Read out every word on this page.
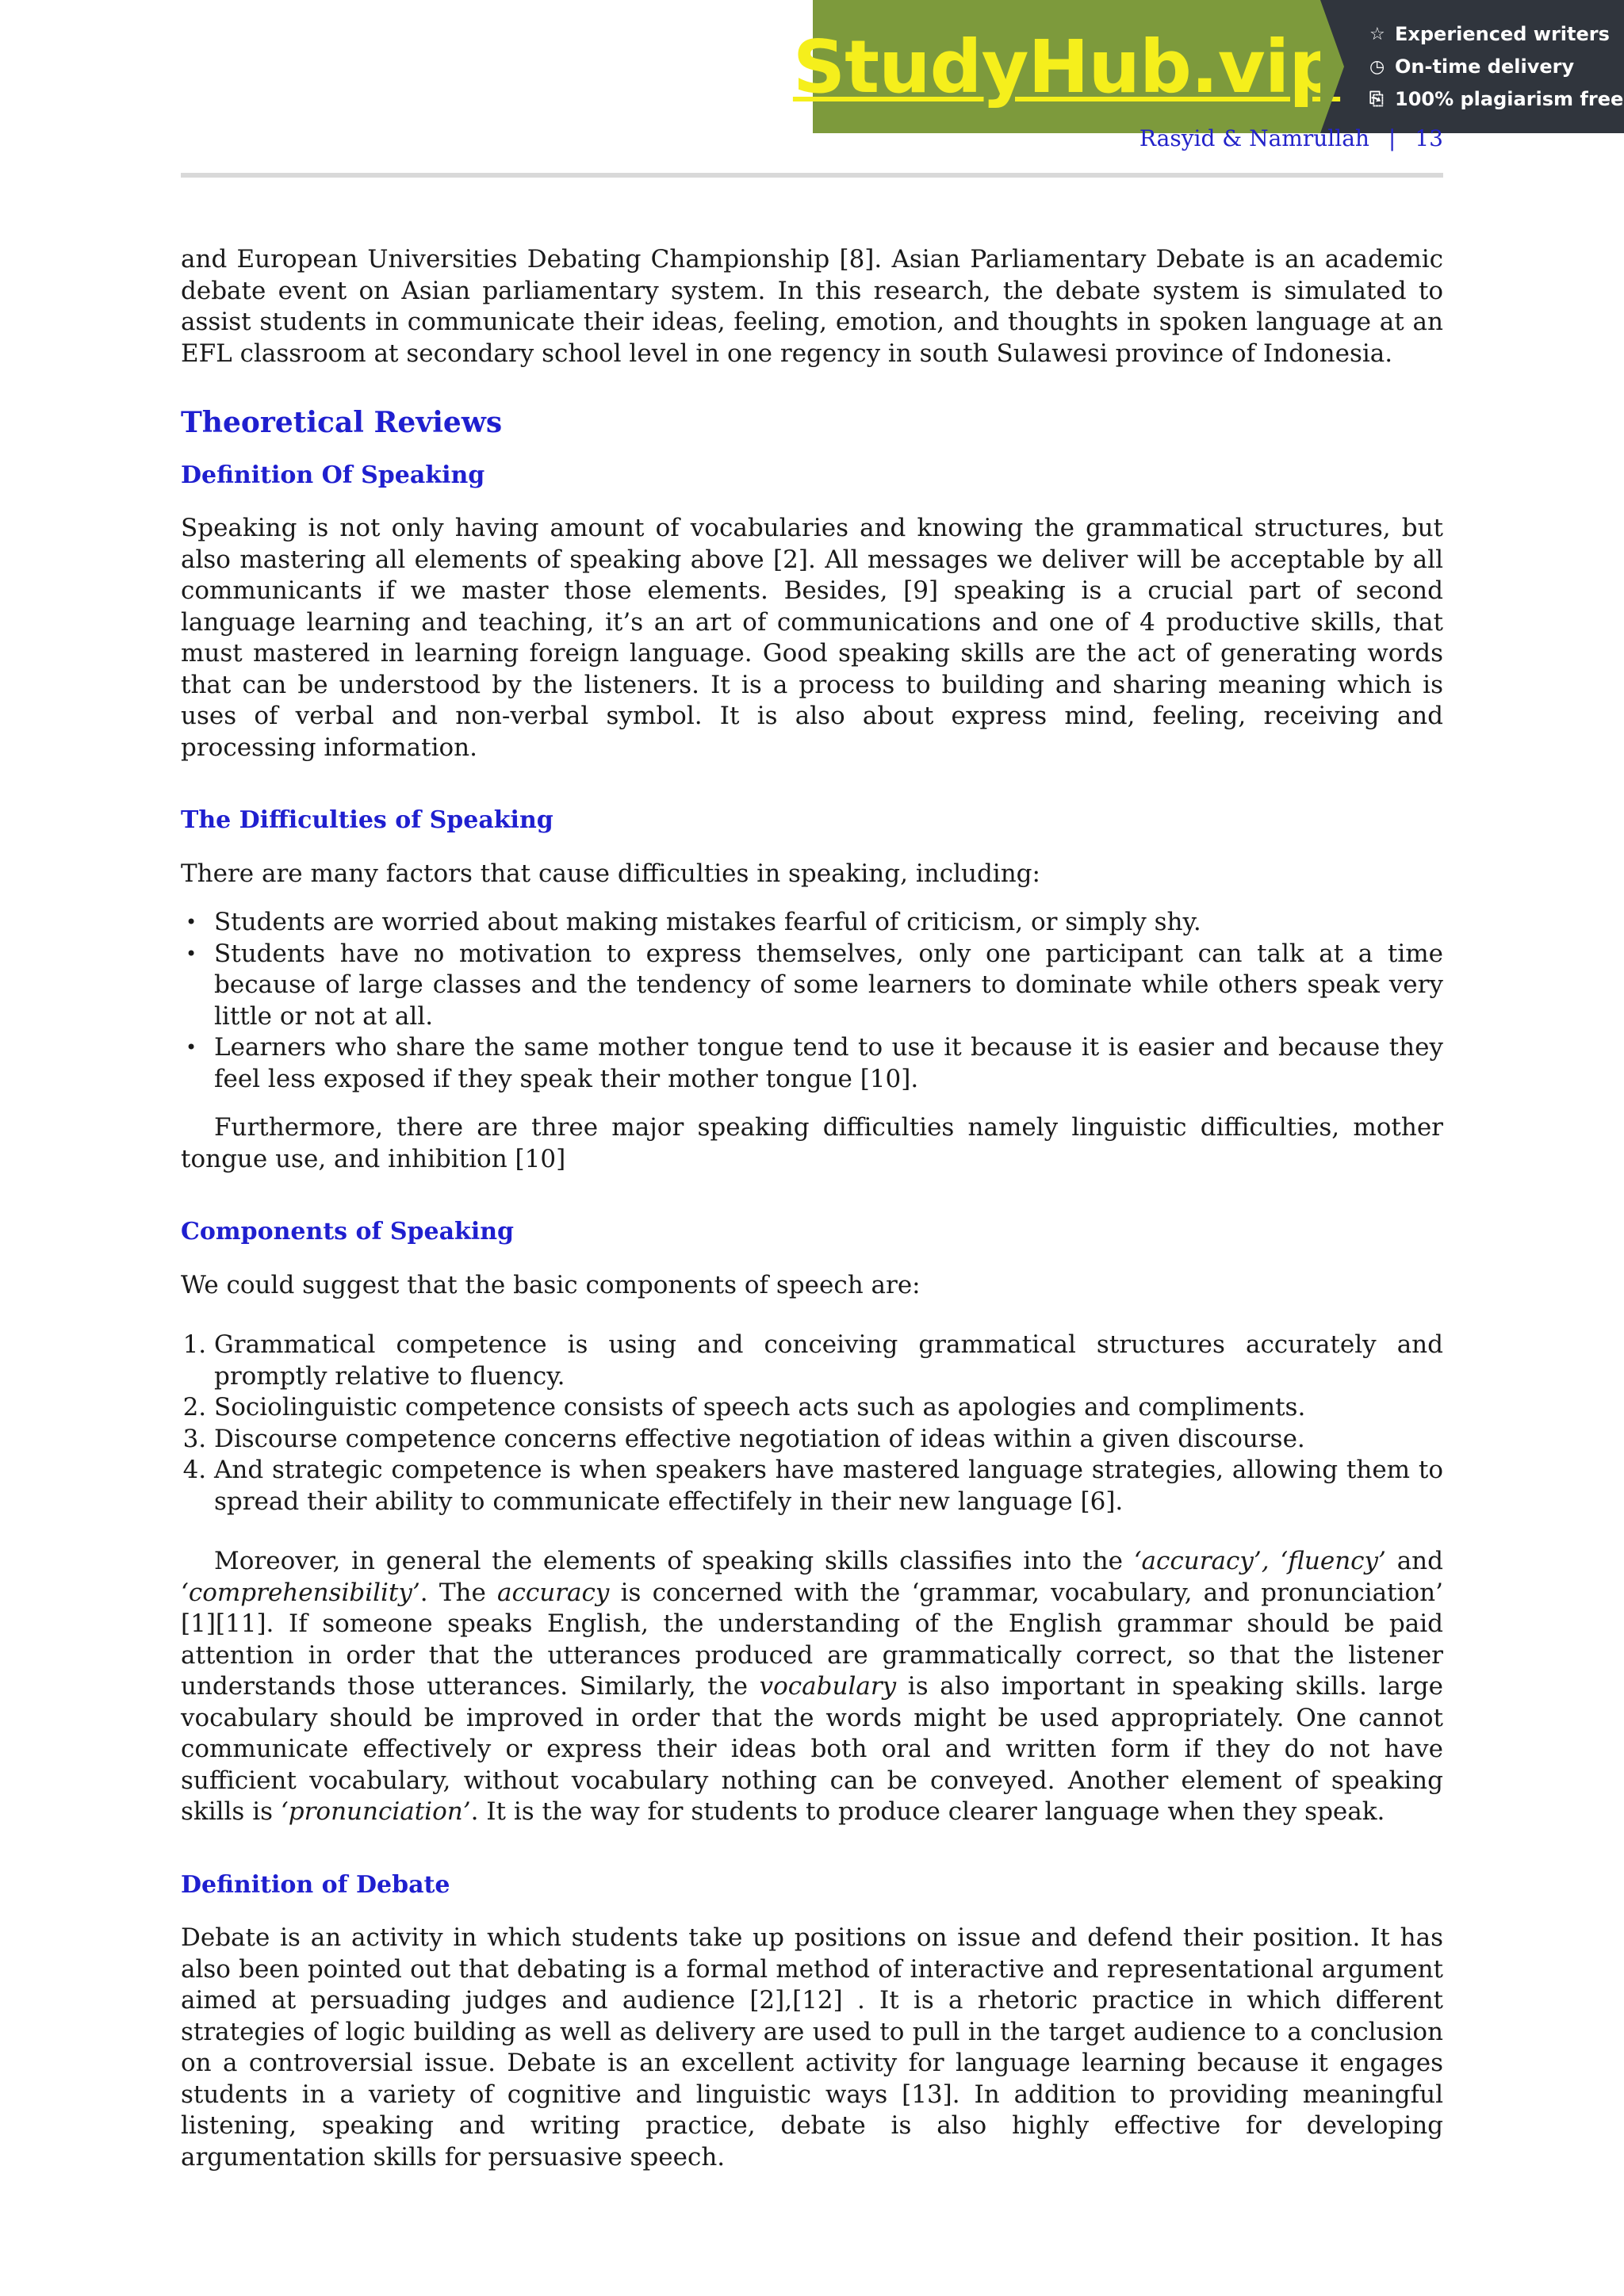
StudyHub.vip ☆ Experienced writers
◷ On-time delivery
⎘ 100% plagiarism free
Rasyid & Namrullah | 13

and European Universities Debating Championship [8]. Asian Parliamentary Debate is an academic debate event on Asian parliamentary system. In this research, the debate system is simulated to assist students in communicate their ideas, feeling, emotion, and thoughts in spoken language at an EFL classroom at secondary school level in one regency in south Sulawesi province of Indonesia.

Theoretical Reviews
Definition Of Speaking

Speaking is not only having amount of vocabularies and knowing the grammatical structures, but also mastering all elements of speaking above [2]. All messages we deliver will be acceptable by all communicants if we master those elements. Besides, [9] speaking is a crucial part of second language learning and teaching, it’s an art of communications and one of 4 productive skills, that must mastered in learning foreign language. Good speaking skills are the act of generating words that can be understood by the listeners. It is a process to building and sharing meaning which is uses of verbal and non-verbal symbol. It is also about express mind, feeling, receiving and processing information.

The Difficulties of Speaking

There are many factors that cause difficulties in speaking, including:

• Students are worried about making mistakes fearful of criticism, or simply shy.
• Students have no motivation to express themselves, only one participant can talk at a time because of large classes and the tendency of some learners to dominate while others speak very little or not at all.
• Learners who share the same mother tongue tend to use it because it is easier and because they feel less exposed if they speak their mother tongue [10].

Furthermore, there are three major speaking difficulties namely linguistic difficulties, mother tongue use, and inhibition [10]

Components of Speaking

We could suggest that the basic components of speech are:

1. Grammatical competence is using and conceiving grammatical structures accurately and promptly relative to fluency.
2. Sociolinguistic competence consists of speech acts such as apologies and compliments.
3. Discourse competence concerns effective negotiation of ideas within a given discourse.
4. And strategic competence is when speakers have mastered language strategies, allowing them to spread their ability to communicate effectifely in their new language [6].

Moreover, in general the elements of speaking skills classifies into the ‘accuracy’, ‘fluency’ and ‘comprehensibility’. The accuracy is concerned with the ‘grammar, vocabulary, and pronunciation’ [1][11]. If someone speaks English, the understanding of the English grammar should be paid attention in order that the utterances produced are grammatically correct, so that the listener understands those utterances. Similarly, the vocabulary is also important in speaking skills. large vocabulary should be improved in order that the words might be used appropriately. One cannot communicate effectively or express their ideas both oral and written form if they do not have sufficient vocabulary, without vocabulary nothing can be conveyed. Another element of speaking skills is ‘pronunciation’. It is the way for students to produce clearer language when they speak.

Definition of Debate

Debate is an activity in which students take up positions on issue and defend their position. It has also been pointed out that debating is a formal method of interactive and representational argument aimed at persuading judges and audience [2],[12] . It is a rhetoric practice in which different strategies of logic building as well as delivery are used to pull in the target audience to a conclusion on a controversial issue. Debate is an excellent activity for language learning because it engages students in a variety of cognitive and linguistic ways [13]. In addition to providing meaningful listening, speaking and writing practice, debate is also highly effective for developing argumentation skills for persuasive speech.
